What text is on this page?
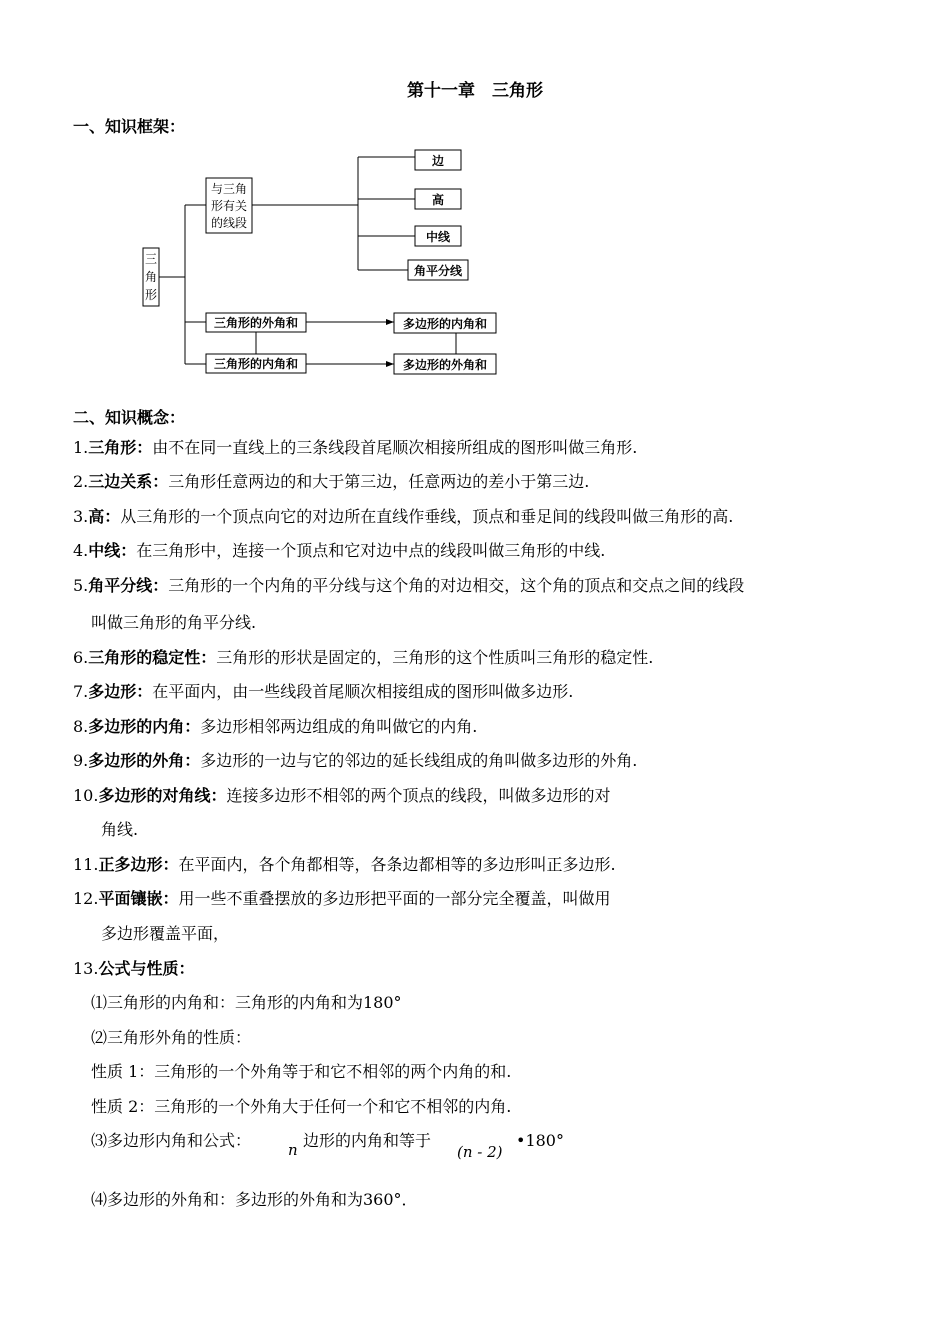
第十一章　三角形
一、知识框架：
三
角
形
与三角
形有关
的线段
边
高
中线
角平分线
三角形的外角和
三角形的内角和
多边形的内角和
多边形的外角和
二、知识概念：
1.三角形：由不在同一直线上的三条线段首尾顺次相接所组成的图形叫做三角形.
2.三边关系：三角形任意两边的和大于第三边，任意两边的差小于第三边.
3.高：从三角形的一个顶点向它的对边所在直线作垂线，顶点和垂足间的线段叫做三角形的高.
4.中线：在三角形中，连接一个顶点和它对边中点的线段叫做三角形的中线.
5.角平分线：三角形的一个内角的平分线与这个角的对边相交，这个角的顶点和交点之间的线段
叫做三角形的角平分线.
6.三角形的稳定性：三角形的形状是固定的，三角形的这个性质叫三角形的稳定性.
7.多边形：在平面内，由一些线段首尾顺次相接组成的图形叫做多边形.
8.多边形的内角：多边形相邻两边组成的角叫做它的内角.
9.多边形的外角：多边形的一边与它的邻边的延长线组成的角叫做多边形的外角.
10.多边形的对角线：连接多边形不相邻的两个顶点的线段，叫做多边形的对
角线.
11.正多边形：在平面内，各个角都相等，各条边都相等的多边形叫正多边形.
12.平面镶嵌：用一些不重叠摆放的多边形把平面的一部分完全覆盖，叫做用
多边形覆盖平面，
13.公式与性质：
⑴三角形的内角和：三角形的内角和为180°
⑵三角形外角的性质：
性质 1：三角形的一个外角等于和它不相邻的两个内角的和.
性质 2：三角形的一个外角大于任何一个和它不相邻的内角.
⑶多边形内角和公式： n 边形的内角和等于
(n - 2)
•180°
⑷多边形的外角和：多边形的外角和为360°．
